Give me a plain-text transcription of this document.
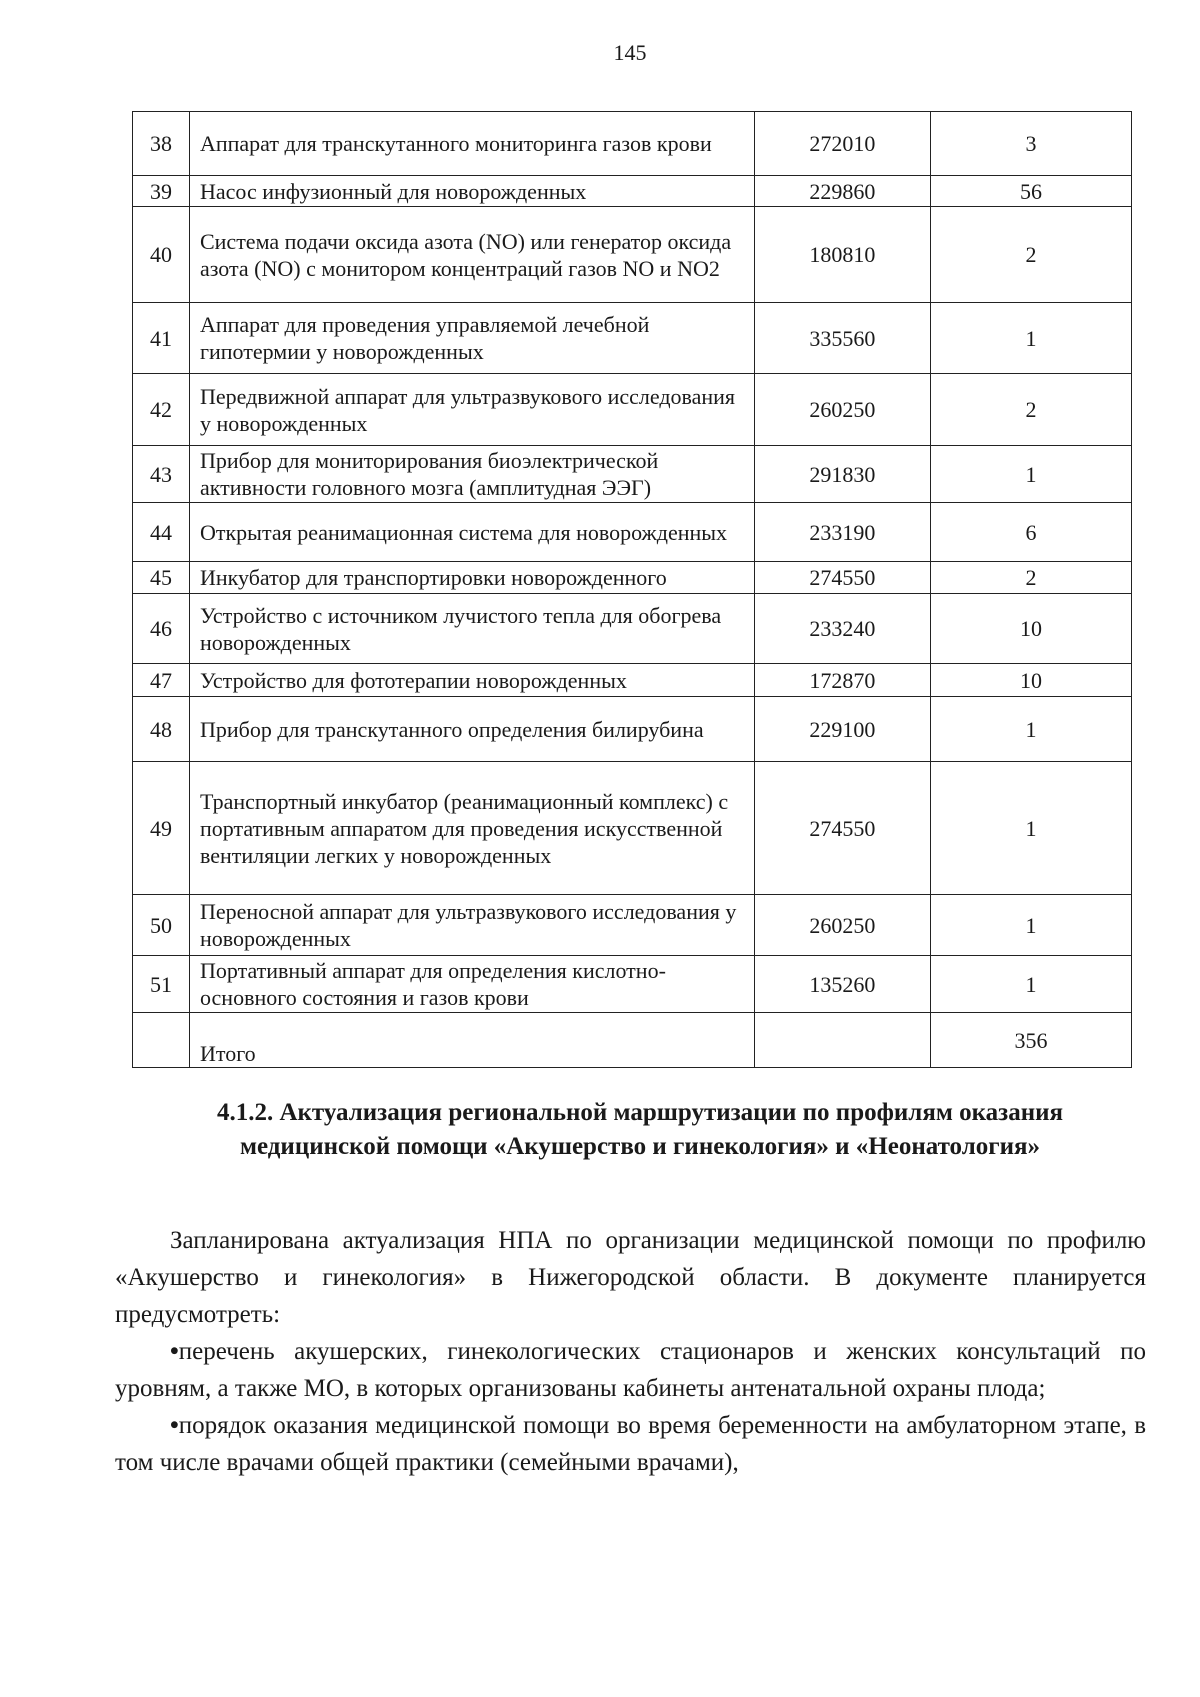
145
38	Аппарат для транскутанного мониторинга газов крови	272010	3
39	Насос инфузионный для новорожденных	229860	56
40	Система подачи оксида азота (NO) или генератор оксида азота (NO) с монитором концентраций газов NO и NO2	180810	2
41	Аппарат для проведения управляемой лечебной гипотермии у новорожденных	335560	1
42	Передвижной аппарат для ультразвукового исследования у новорожденных	260250	2
43	Прибор для мониторирования биоэлектрической активности головного мозга (амплитудная ЭЭГ)	291830	1
44	Открытая реанимационная система для новорожденных	233190	6
45	Инкубатор для транспортировки новорожденного	274550	2
46	Устройство с источником лучистого тепла для обогрева новорожденных	233240	10
47	Устройство для фототерапии новорожденных	172870	10
48	Прибор для транскутанного определения билирубина	229100	1
49	Транспортный инкубатор (реанимационный комплекс) с портативным аппаратом для проведения искусственной вентиляции легких у новорожденных	274550	1
50	Переносной аппарат для ультразвукового исследования у новорожденных	260250	1
51	Портативный аппарат для определения кислотно-основного состояния и газов крови	135260	1
	Итого		356
4.1.2. Актуализация региональной маршрутизации по профилям оказания медицинской помощи «Акушерство и гинекология» и «Неонатология»

Запланирована актуализация НПА по организации медицинской помощи по профилю «Акушерство и гинекология» в Нижегородской области. В документе планируется предусмотреть:

•перечень акушерских, гинекологических стационаров и женских консультаций по уровням, а также МО, в которых организованы кабинеты антенатальной охраны плода;

•порядок оказания медицинской помощи во время беременности на амбулаторном этапе, в том числе врачами общей практики (семейными врачами),
